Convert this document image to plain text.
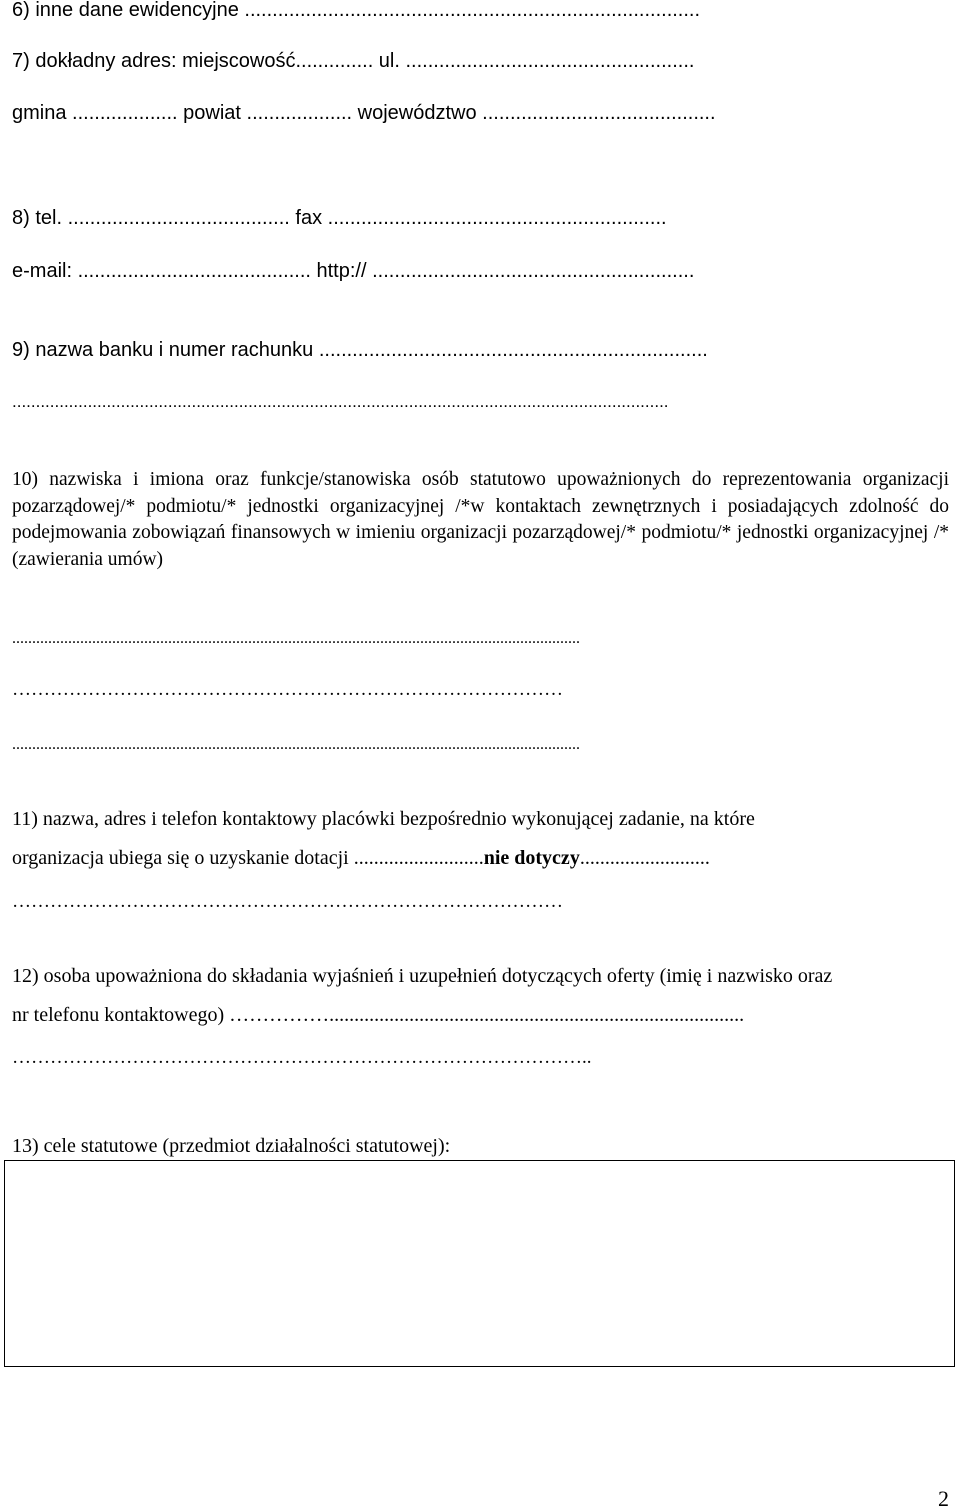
6) inne dane ewidencyjne ..................................................................................
7) dokładny adres: miejscowość.............. ul. ....................................................
gmina ................... powiat ................... województwo ..........................................
8) tel. ........................................ fax .............................................................
e-mail: .......................................... http:// ..........................................................
9) nazwa banku i numer rachunku ......................................................................
...........................................................................................................................................
10) nazwiska i imiona oraz funkcje/stanowiska osób statutowo upoważnionych do reprezentowania organizacji pozarządowej/* podmiotu/* jednostki organizacyjnej /*w kontaktach zewnętrznych i posiadających zdolność do podejmowania zobowiązań finansowych w imieniu organizacji pozarządowej/* podmiotu/* jednostki organizacyjnej /*(zawierania umów)
..............................................................................................................................................
……………………………………………………………………………
..............................................................................................................................................
11) nazwa, adres i telefon kontaktowy placówki bezpośrednio wykonującej zadanie, na które
organizacja ubiega się o uzyskanie dotacji ..........................nie dotyczy..........................
……………………………………………………………………………
12) osoba upoważniona do składania wyjaśnień i uzupełnień dotyczących oferty (imię i nazwisko oraz
nr telefonu kontaktowego) ……………...................................................................................
………………………………………………………………………………..
13) cele statutowe (przedmiot działalności statutowej):
2
